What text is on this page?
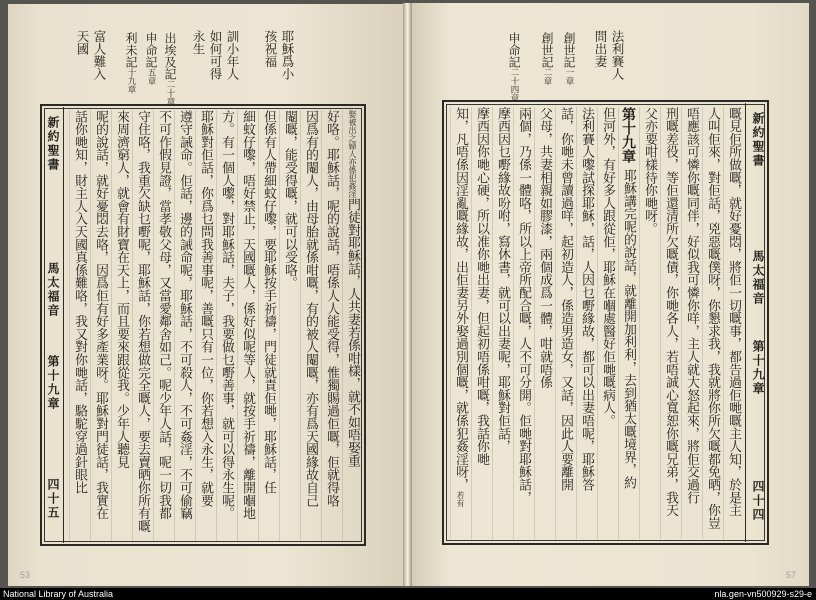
耶穌爲小孩祝福
訓小年人如何可得永生
出埃及記二十章
申命記五章
利未記十九章
富人難入天國
新約聖書
馬太福音
第十九章
四十五
娶被出之婦人亦係犯姦淫門徒對耶穌話，人共妻若係咁樣，就不如唔娶重
好咯。耶穌話，呢的說話，唔係人人能受得，惟獨賜過佢嘅，佢就得咯
因爲有的閹人，由母胎就係咁嘅，有的被人閹嘅，亦有爲天國緣故自己
閹嘅，能受得嘅，就可以受咯。
但係有人帶細蚊仔嚟，要耶穌按手祈禱，門徒就責佢哋，耶穌話，任
細蚊仔嚟，唔好禁止，天國嘅人，係好似呢等人，就按手祈禱，離開嗰地
方。有一個人嚟，對耶穌話，夫子，我要做乜嘢善事，就可以得永生呢。
耶穌對佢話，你爲乜問我善事呢，善嘅只有一位，你若想入永生，就要
遵守誡命。佢話，邊的誡命呢，耶穌話，不可殺人，不可姦淫，不可偷竊
不可作假見證，當孝敬父母，又當愛鄰舍如己。呢少年人話，呢一切我都
守住咯，我重欠缺乜嘢呢，耶穌話，你若想做完全嘅人，要去賣晒你所有嘅
來周濟窮人，就會有財寶在天上，而且要來跟從我。少年人聽見
呢的說話，就好憂悶去咯，因爲佢有好多產業呀。耶穌對門徒話，我實在
話你哋知，財主人入天國真係難咯，我又對你哋話，駱駝穿過針眼比
法利賽人問出妻
創世記一章
創世記二章
申命記二十四章
新約聖書
馬太福音
第十九章
四十四
嘅見佢所做嘅，就好憂悶，將佢一切嘅事，都告過佢哋嘅主人知，於是主
人叫佢來，對佢話，兇惡嘅僕呀，你懇求我，我就將你所欠嘅都免晒，你豈
唔應該可憐你嘅同伴，好似我可憐你咩，主人就大怒起來，將佢交過行
刑嘅差役，等佢還清所欠嘅債，你哋各人，若唔誠心寬恕你嘅兄弟，我天
父亦要咁樣待你哋呀。
第十九章耶穌講完呢的說話，就離開加利利，去到猶太嘅境界，約
但河外，有好多人跟從佢，耶穌在嗰處醫好佢哋嘅病人。
法利賽人嚟試探耶穌，話，人因乜嘢緣故，都可以出妻唔呢，耶穌答
話，你哋未曾讀過咩，起初造人，係造男造女，又話，因此人要離開
父母，共妻相親如膠漆，兩個成爲一體，咁就唔係
兩個，乃係一體咯，所以上帝所配合嘅，人不可分開。佢哋對耶穌話，
摩西因乜嘢緣故吩咐，寫休書，就可以出妻呢，耶穌對佢話，
摩西因你哋心硬，所以准你哋出妻，但起初唔係咁嘅，我話你哋
知，凡唔係因淫亂嘅緣故，出佢妻另外娶過別個嘅，就係犯姦淫呀，若有
53	57
National Library of Australia	nla.gen-vn500929-s29-e
